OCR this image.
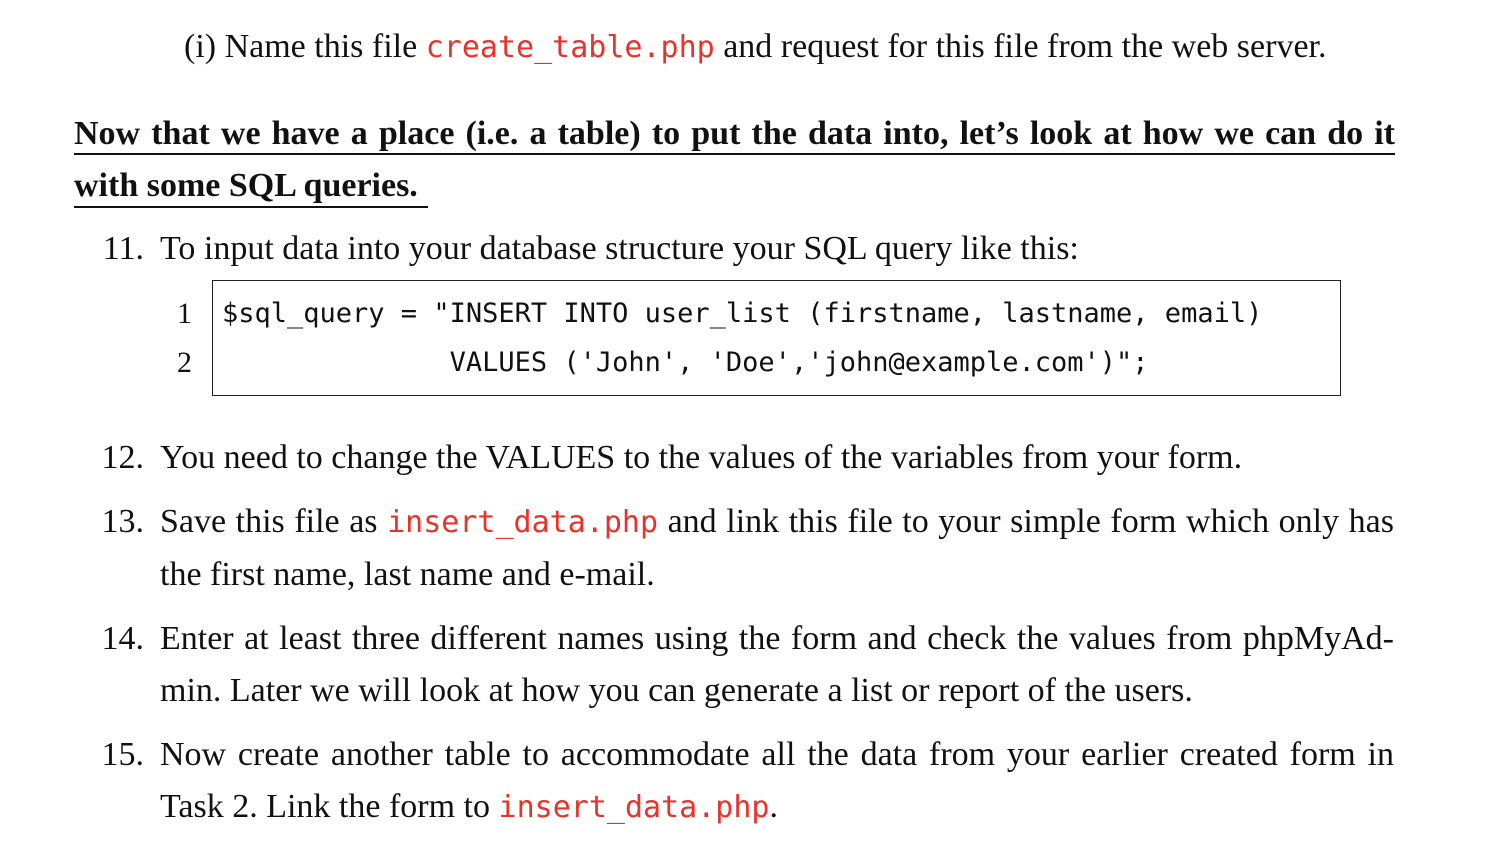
(i) Name this file create_table.php and request for this file from the web server.
Now that we have a place (i.e. a table) to put the data into, let’s look at how we can do it
with some SQL queries.
11. To input data into your database structure your SQL query like this:
1
2
$sql_query = "INSERT INTO user_list (firstname, lastname, email)
VALUES ('John', 'Doe','john@example.com')";
12. You need to change the VALUES to the values of the variables from your form.
13. Save this file as insert_data.php and link this file to your simple form which only has
the first name, last name and e-mail.
14. Enter at least three different names using the form and check the values from phpMyAd-
min. Later we will look at how you can generate a list or report of the users.
15. Now create another table to accommodate all the data from your earlier created form in
Task 2. Link the form to insert_data.php.
